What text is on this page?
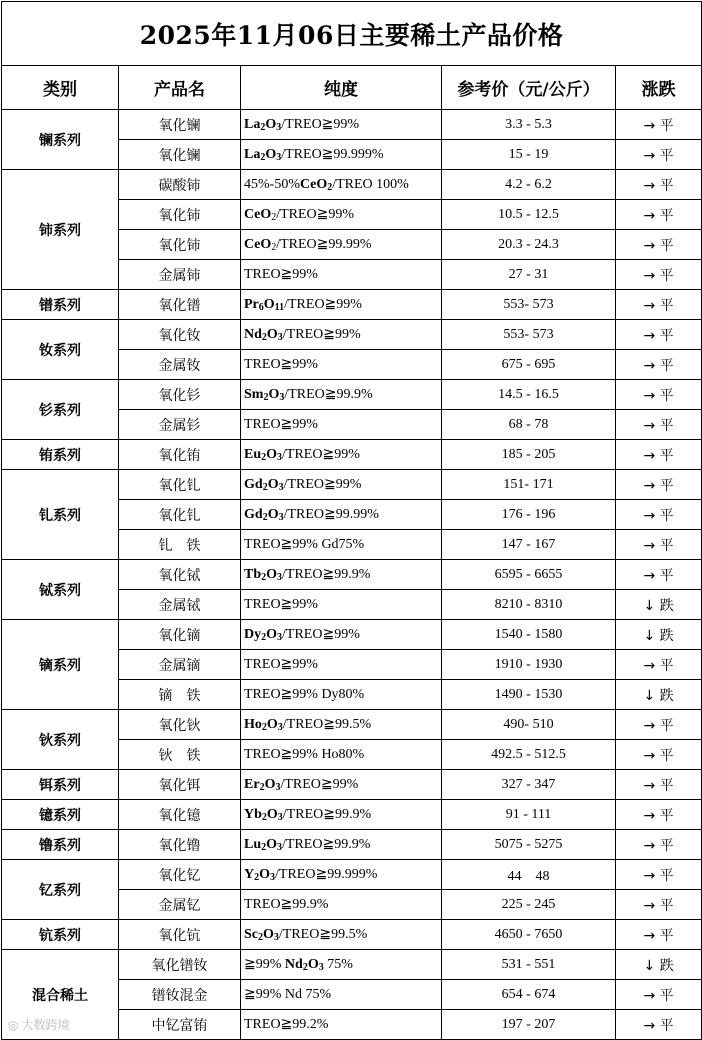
2025年11月06日主要稀土产品价格				
类别	产品名	纯度	参考价（元/公斤）	涨跌
镧系列	氧化镧	$La_2O_3/TREO≧99\%$	3.3 - 5.3	→ 平
	氧化镧	$La_2O_3/TREO≧99.999\%$	15 - 19	→ 平
铈系列	碳酸铈	45%-50%CeO$_2$/TREO 100%	4.2 - 6.2	→ 平
	氧化铈	CeO$_2$/TREO≧99%	10.5 - 12.5	→ 平
	氧化铈	CeO$_2$/TREO≧99.99%	20.3 - 24.3	→ 平
	金属铈	TREO≧99%	27 - 31	→ 平
镨系列	氧化镨	$Pr_6O_{11}/TREO≧99\%$	553- 573	→ 平
钕系列	氧化钕	$Nd_2O_3/TREO≧99\%$	553- 573	→ 平
	金属钕	TREO≧99%	675 - 695	→ 平
钐系列	氧化钐	$Sm_2O_3/TREO≧99.9\%$	14.5 - 16.5	→ 平
	金属钐	TREO≧99%	68 - 78	→ 平
铕系列	氧化铕	$Eu_2O_3/TREO≧99\%$	185 - 205	→ 平
钆系列	氧化钆	$Gd_2O_3/TREO≧99\%$	151- 171	→ 平
	氧化钆	$Gd_2O_3/TREO≧99.99\%$	176 - 196	→ 平
	钆　铁	TREO≧99% Gd75%	147 - 167	→ 平
铽系列	氧化铽	$Tb_2O_3/TREO≧99.9\%$	6595 - 6655	→ 平
	金属铽	TREO≧99%	8210 - 8310	↓ 跌
镝系列	氧化镝	$Dy_2O_3/TREO≧99\%$	1540 - 1580	↓ 跌
	金属镝	TREO≧99%	1910 - 1930	→ 平
	镝　铁	TREO≧99% Dy80%	1490 - 1530	↓ 跌
钬系列	氧化钬	$Ho_2O_3/TREO≧99.5\%$	490- 510	→ 平
	钬　铁	TREO≧99% Ho80%	492.5 - 512.5	→ 平
铒系列	氧化铒	$Er_2O_3/TREO≧99\%$	327 - 347	→ 平
镱系列	氧化镱	$Yb_2O_3/TREO≧99.9\%$	91 - 111	→ 平
镥系列	氧化镥	$Lu_2O_3/TREO≧99.9\%$	5075 - 5275	→ 平
钇系列	氧化钇	$Y_2O_3/TREO≧99.999\%$	44　48	→ 平
	金属钇	TREO≧99.9%	225 - 245	→ 平
钪系列	氧化钪	$Sc_2O_3/TREO≧99.5\%$	4650 - 7650	→ 平
混合稀土	氧化镨钕	≧99% $Nd_2O_3$ 75%	531 - 551	↓ 跌
	镨钕混金	≧99% Nd 75%	654 - 674	→ 平
	中钇富铕	TREO≧99.2%	197 - 207	→ 平
◎ 大数跨境
